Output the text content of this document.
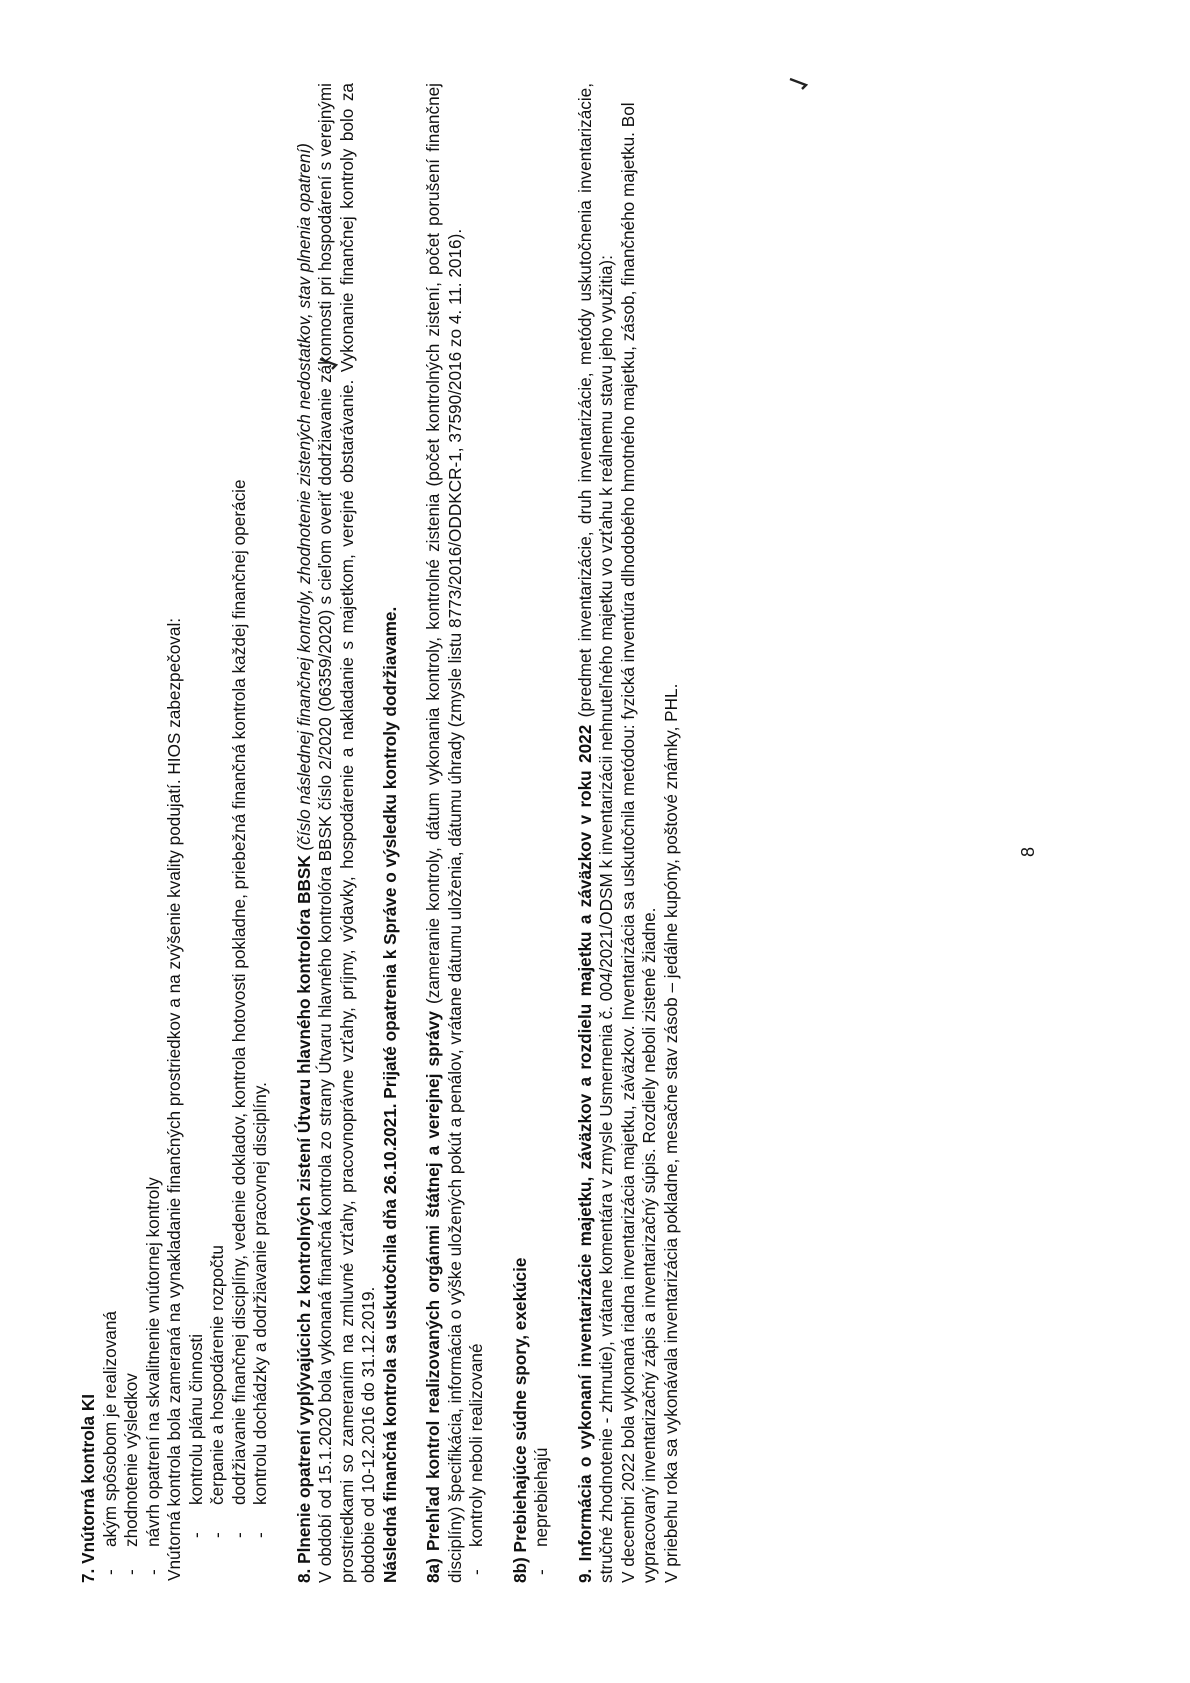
7. Vnútorná kontrola KI - akým spôsobom je realizovaná - zhodnotenie výsledkov - návrh opatrení na skvalitnenie vnútornej kontroly Vnútorná kontrola bola zameraná na vynakladanie finančných prostriedkov a na zvýšenie kvality podujatí. HIOS zabezpečoval: - kontrolu plánu činnosti - čerpanie a hospodárenie rozpočtu - dodržiavanie finančnej disciplíny, vedenie dokladov, kontrola hotovosti pokladne, priebežná finančná kontrola každej finančnej operácie - kontrolu dochádzky a dodržiavanie pracovnej disciplíny. 8. Plnenie opatrení vyplývajúcich z kontrolných zistení Útvaru hlavného kontrolóra BBSK (číslo následnej finančnej kontroly, zhodnotenie zistených nedostatkov, stav plnenia opatrení) V období od 15.1.2020 bola vykonaná finančná kontrola zo strany Útvaru hlavného kontrolóra BBSK číslo 2/2020 (06359/2020) s cieľom overiť dodržiavanie zákonnosti pri hospodárení s verejnými prostriedkami so zameraním na zmluvné vzťahy, pracovnoprávne vzťahy, príjmy, výdavky, hospodárenie a nakladanie s majetkom, verejné obstarávanie. Vykonanie finančnej kontroly bolo za obdobie od 10-12.2016 do 31.12.2019. Následná finančná kontrola sa uskutočnila dňa 26.10.2021. Prijaté opatrenia k Správe o výsledku kontroly dodržiavame. 8a) Prehľad kontrol realizovaných orgánmi štátnej a verejnej správy (zameranie kontroly, dátum vykonania kontroly, kontrolné zistenia (počet kontrolných zistení, počet porušení finančnej disciplíny) špecifikácia, informácia o výške uložených pokút a penálov, vrátane dátumu uloženia, dátumu úhrady (zmysle listu 8773/2016/ODDKCR-1, 37590/2016 zo 4. 11. 2016). - kontroly neboli realizované 8b) Prebiehajúce súdne spory, exekúcie - neprebiehajú 9. Informácia o vykonaní inventarizácie majetku, záväzkov a rozdielu majetku a záväzkov v roku 2022 (predmet inventarizácie, druh inventarizácie, metódy uskutočnenia inventarizácie, stručné zhodnotenie - zhrnutie), vrátane komentára v zmysle Usmernenia č. 004/2021/ODSM k inventarizácii nehnuteľného majetku vo vzťahu k reálnemu stavu jeho využitia): V decembri 2022 bola vykonaná riadna inventarizácia majetku, záväzkov. Inventarizácia sa uskutočnila metódou: fyzická inventúra dlhodobého hmotného majetku, zásob, finančného majetku. Bol vypracovaný inventarizačný zápis a inventarizačný súpis. Rozdiely neboli zistené žiadne. V priebehu roka sa vykonávala inventarizácia pokladne, mesačne stav zásob – jedálne kupóny, poštové známky, PHL.	8
